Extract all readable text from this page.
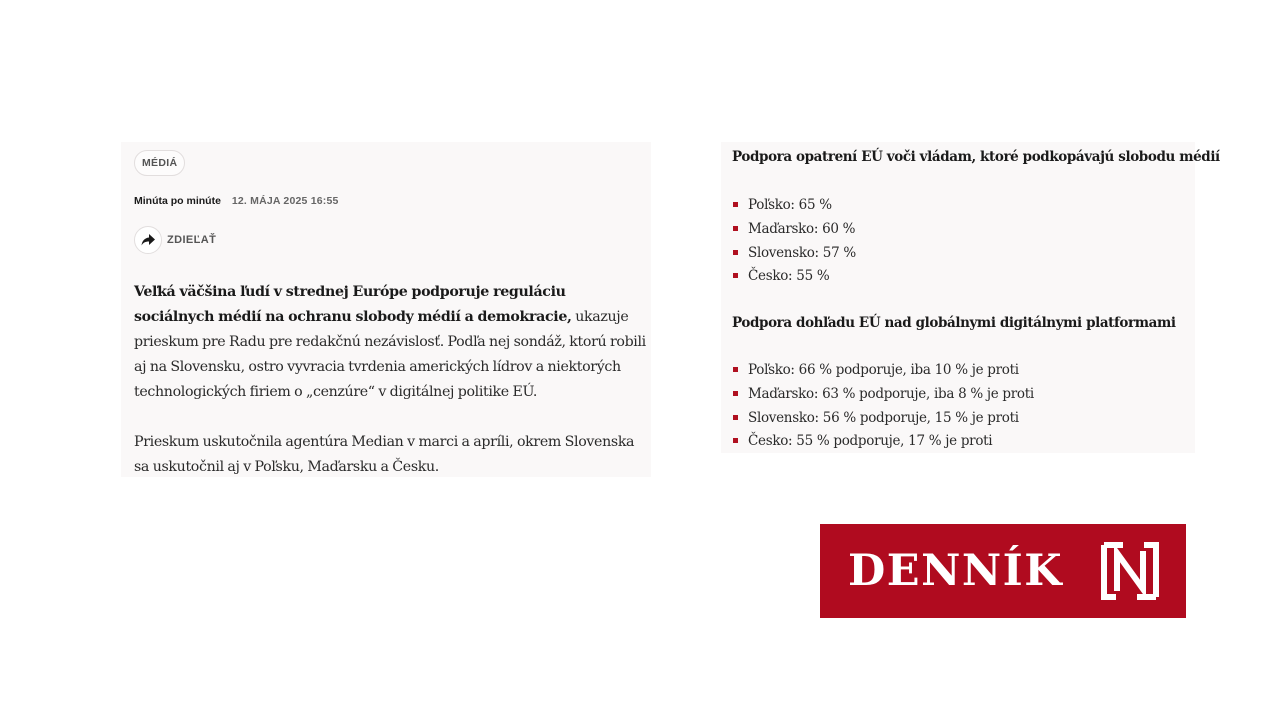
MÉDIÁ
Minúta po minúte 12. MÁJA 2025 16:55
ZDIEĽAŤ

Veľká väčšina ľudí v strednej Európe podporuje reguláciu sociálnych médií na ochranu slobody médií a demokracie, ukazuje prieskum pre Radu pre redakčnú nezávislosť. Podľa nej sondáž, ktorú robili aj na Slovensku, ostro vyvracia tvrdenia amerických lídrov a niektorých technologických firiem o „cenzúre“ v digitálnej politike EÚ.

Prieskum uskutočnila agentúra Median v marci a apríli, okrem Slovenska sa uskutočnil aj v Poľsku, Maďarsku a Česku.

Podpora opatrení EÚ voči vládam, ktoré podkopávajú slobodu médií
Poľsko: 65 %
Maďarsko: 60 %
Slovensko: 57 %
Česko: 55 %
Podpora dohľadu EÚ nad globálnymi digitálnymi platformami
Poľsko: 66 % podporuje, iba 10 % je proti
Maďarsko: 63 % podporuje, iba 8 % je proti
Slovensko: 56 % podporuje, 15 % je proti
Česko: 55 % podporuje, 17 % je proti
DENNÍK
